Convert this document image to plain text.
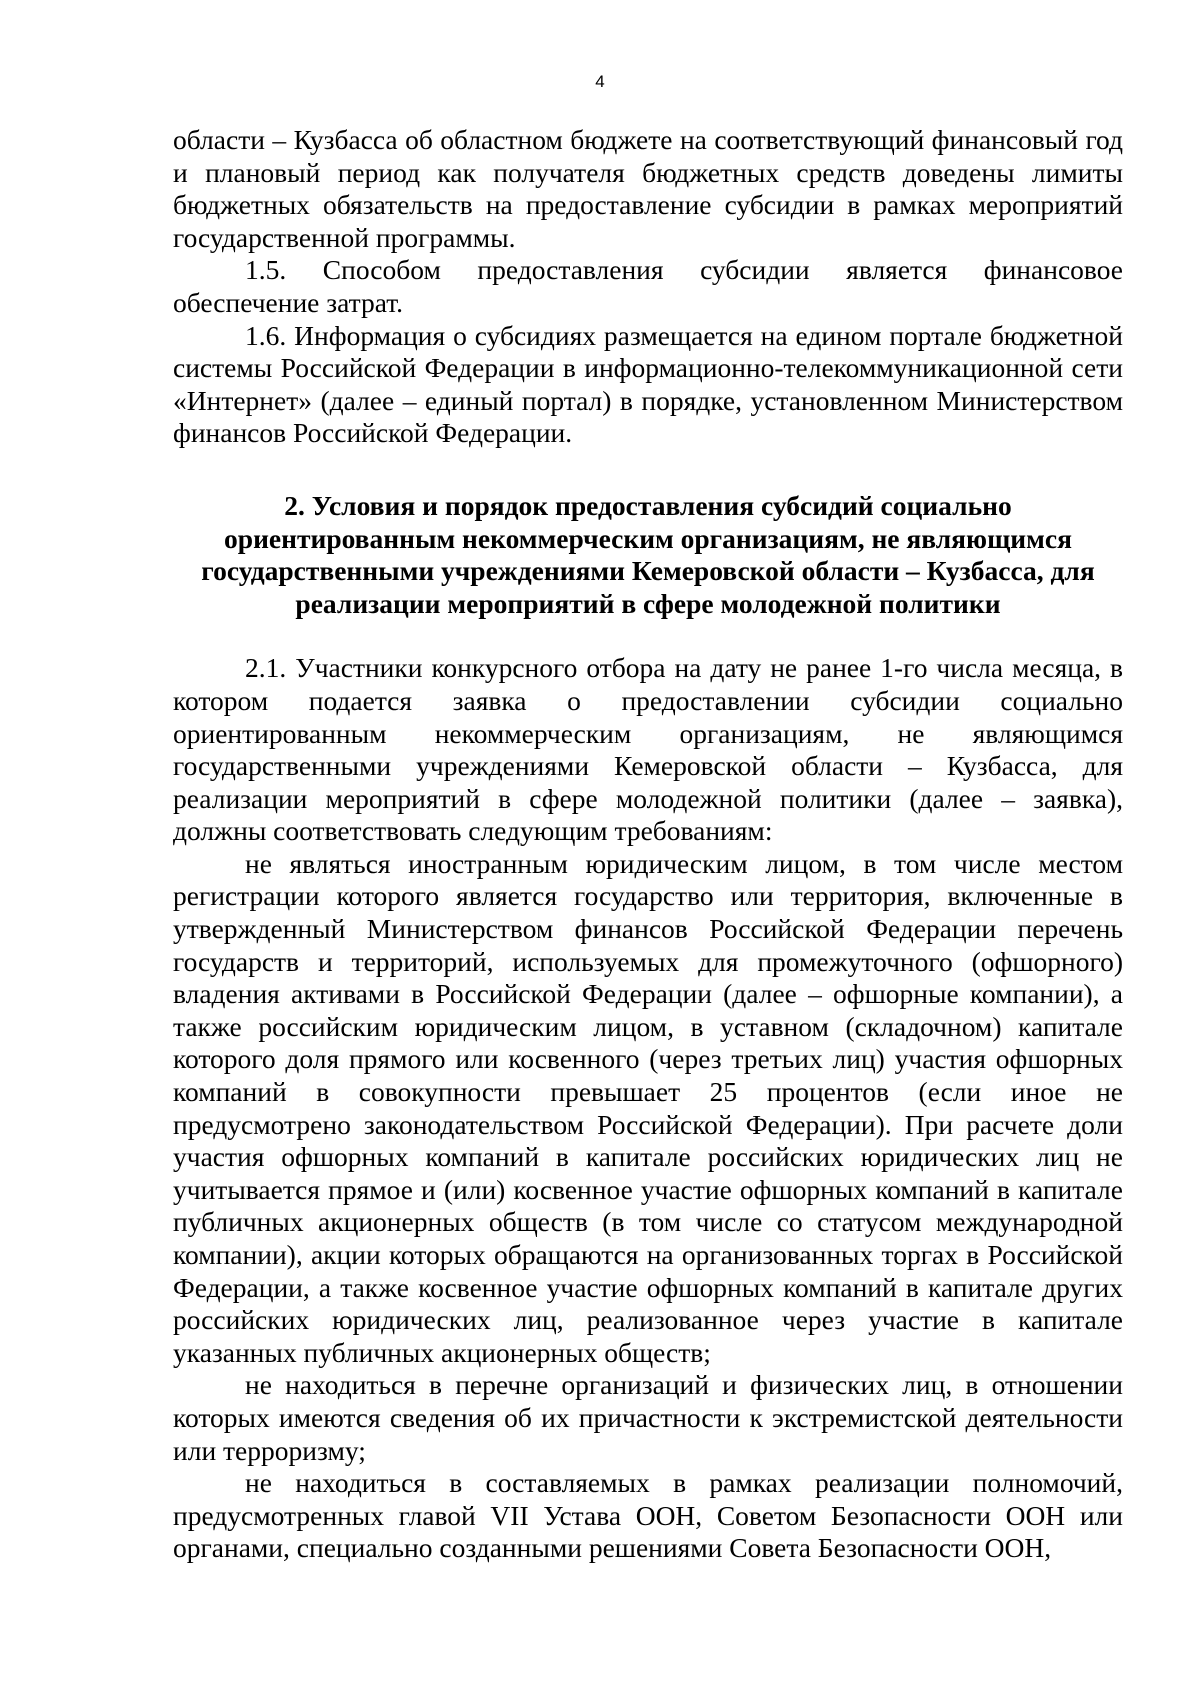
4

области – Кузбасса об областном бюджете на соответствующий финансовый год и плановый период как получателя бюджетных средств доведены лимиты бюджетных обязательств на предоставление субсидии в рамках мероприятий государственной программы.

1.5. Способом предоставления субсидии является финансовое обеспечение затрат.

1.6. Информация о субсидиях размещается на едином портале бюджетной системы Российской Федерации в информационно-телекоммуникационной сети «Интернет» (далее – единый портал) в порядке, установленном Министерством финансов Российской Федерации.

2. Условия и порядок предоставления субсидий социально ориентированным некоммерческим организациям, не являющимся государственными учреждениями Кемеровской области – Кузбасса, для реализации мероприятий в сфере молодежной политики

2.1. Участники конкурсного отбора на дату не ранее 1-го числа месяца, в котором подается заявка о предоставлении субсидии социально ориентированным некоммерческим организациям, не являющимся государственными учреждениями Кемеровской области – Кузбасса, для реализации мероприятий в сфере молодежной политики (далее – заявка), должны соответствовать следующим требованиям:

не являться иностранным юридическим лицом, в том числе местом регистрации которого является государство или территория, включенные в утвержденный Министерством финансов Российской Федерации перечень государств и территорий, используемых для промежуточного (офшорного) владения активами в Российской Федерации (далее – офшорные компании), а также российским юридическим лицом, в уставном (складочном) капитале которого доля прямого или косвенного (через третьих лиц) участия офшорных компаний в совокупности превышает 25 процентов (если иное не предусмотрено законодательством Российской Федерации). При расчете доли участия офшорных компаний в капитале российских юридических лиц не учитывается прямое и (или) косвенное участие офшорных компаний в капитале публичных акционерных обществ (в том числе со статусом международной компании), акции которых обращаются на организованных торгах в Российской Федерации, а также косвенное участие офшорных компаний в капитале других российских юридических лиц, реализованное через участие в капитале указанных публичных акционерных обществ;

не находиться в перечне организаций и физических лиц, в отношении которых имеются сведения об их причастности к экстремистской деятельности или терроризму;

не находиться в составляемых в рамках реализации полномочий, предусмотренных главой VII Устава ООН, Советом Безопасности ООН или органами, специально созданными решениями Совета Безопасности ООН,
